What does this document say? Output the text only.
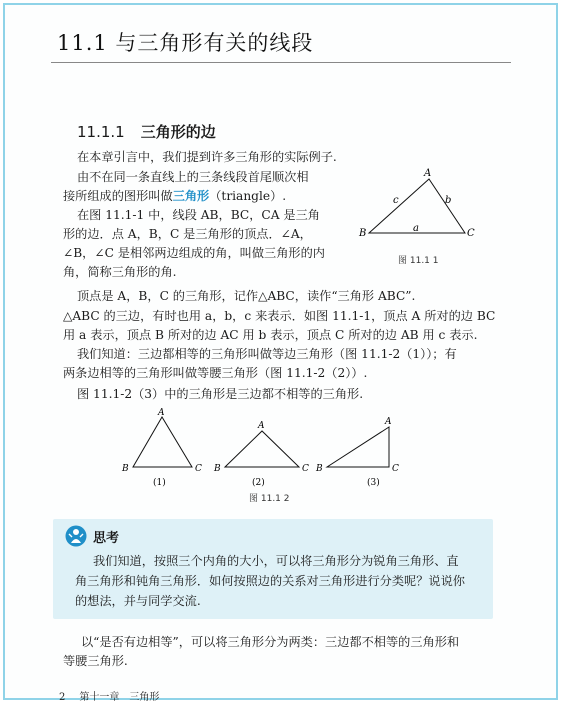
11.1 与三角形有关的线段
11.1.1 三角形的边

在本章引言中，我们提到许多三角形的实际例子.

由不在同一条直线上的三条线段首尾顺次相
接所组成的图形叫做三角形（triangle）.

在图 11.1-1 中，线段 AB，BC，CA 是三角
形的边．点 A，B，C 是三角形的顶点．∠A，
∠B，∠C 是相邻两边组成的角，叫做三角形的内
角，简称三角形的角.

A
B	C
a
b
c
图 11.1 1

顶点是 A，B，C 的三角形，记作△ABC，读作“三角形 ABC”.

△ABC 的三边，有时也用 a，b，c 来表示．如图 11.1-1，顶点 A 所对的边 BC
用 a 表示，顶点 B 所对的边 AC 用 b 表示，顶点 C 所对的边 AB 用 c 表示.

我们知道：三边都相等的三角形叫做等边三角形（图 11.1-2（1））；有
两条边相等的三角形叫做等腰三角形（图 11.1-2（2））.

图 11.1-2（3）中的三角形是三边都不相等的三角形.

A
B	C
(1)
A
B	C
(2)
A
B	C
(3)
图 11.1 2
思考

我们知道，按照三个内角的大小，可以将三角形分为锐角三角形、直
角三角形和钝角三角形．如何按照边的关系对三角形进行分类呢？说说你
的想法，并与同学交流.

以“是否有边相等”，可以将三角形分为两类：三边都不相等的三角形和
等腰三角形.

2 第十一章　三角形
